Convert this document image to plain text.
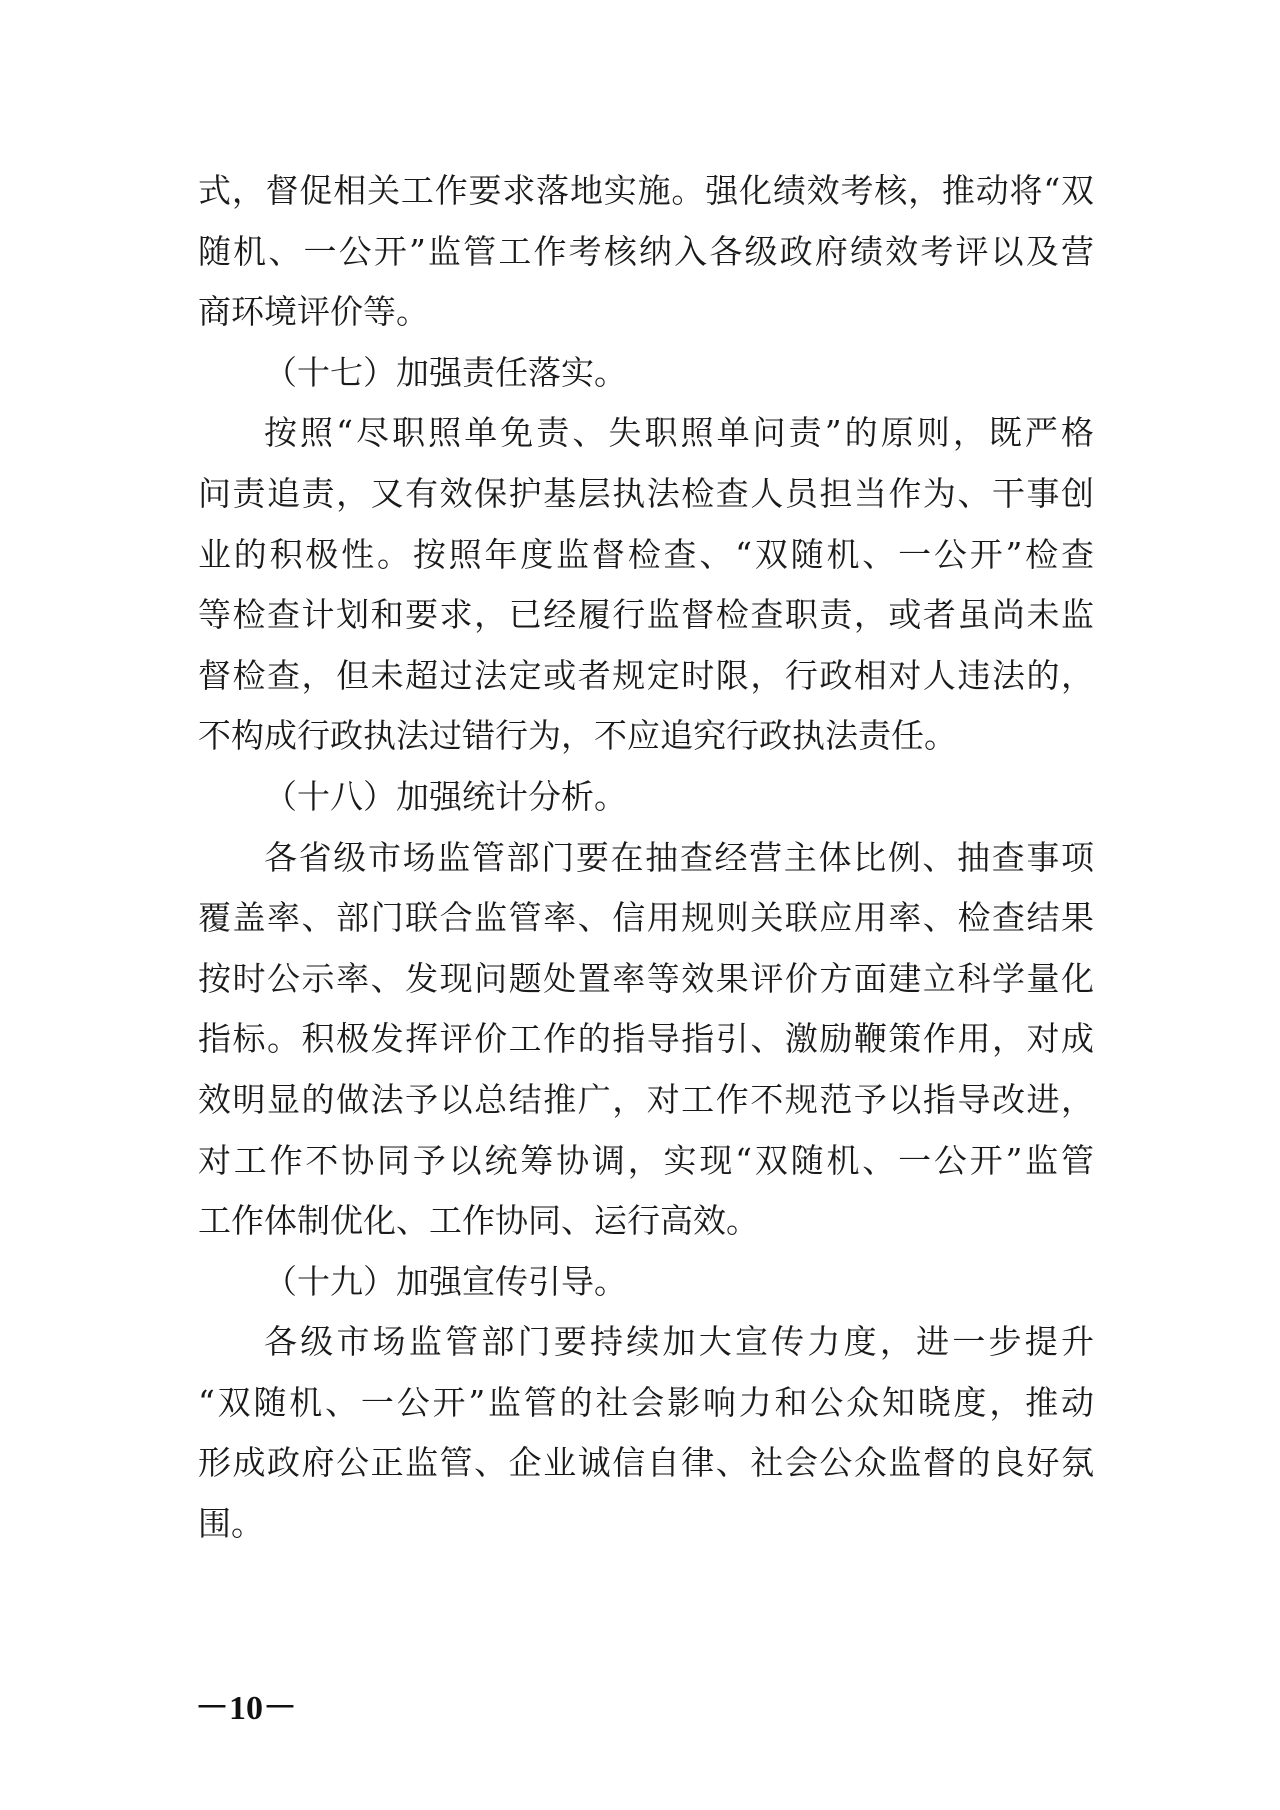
式，督促相关工作要求落地实施。强化绩效考核，推动将“双
随机、一公开”监管工作考核纳入各级政府绩效考评以及营
商环境评价等。
（十七）加强责任落实。
按照“尽职照单免责、失职照单问责”的原则，既严格
问责追责，又有效保护基层执法检查人员担当作为、干事创
业的积极性。按照年度监督检查、“双随机、一公开”检查
等检查计划和要求，已经履行监督检查职责，或者虽尚未监
督检查，但未超过法定或者规定时限，行政相对人违法的，
不构成行政执法过错行为，不应追究行政执法责任。
（十八）加强统计分析。
各省级市场监管部门要在抽查经营主体比例、抽查事项
覆盖率、部门联合监管率、信用规则关联应用率、检查结果
按时公示率、发现问题处置率等效果评价方面建立科学量化
指标。积极发挥评价工作的指导指引、激励鞭策作用，对成
效明显的做法予以总结推广，对工作不规范予以指导改进，
对工作不协同予以统筹协调，实现“双随机、一公开”监管
工作体制优化、工作协同、运行高效。
（十九）加强宣传引导。
各级市场监管部门要持续加大宣传力度，进一步提升
“双随机、一公开”监管的社会影响力和公众知晓度，推动
形成政府公正监管、企业诚信自律、社会公众监督的良好氛
围。
－10－
